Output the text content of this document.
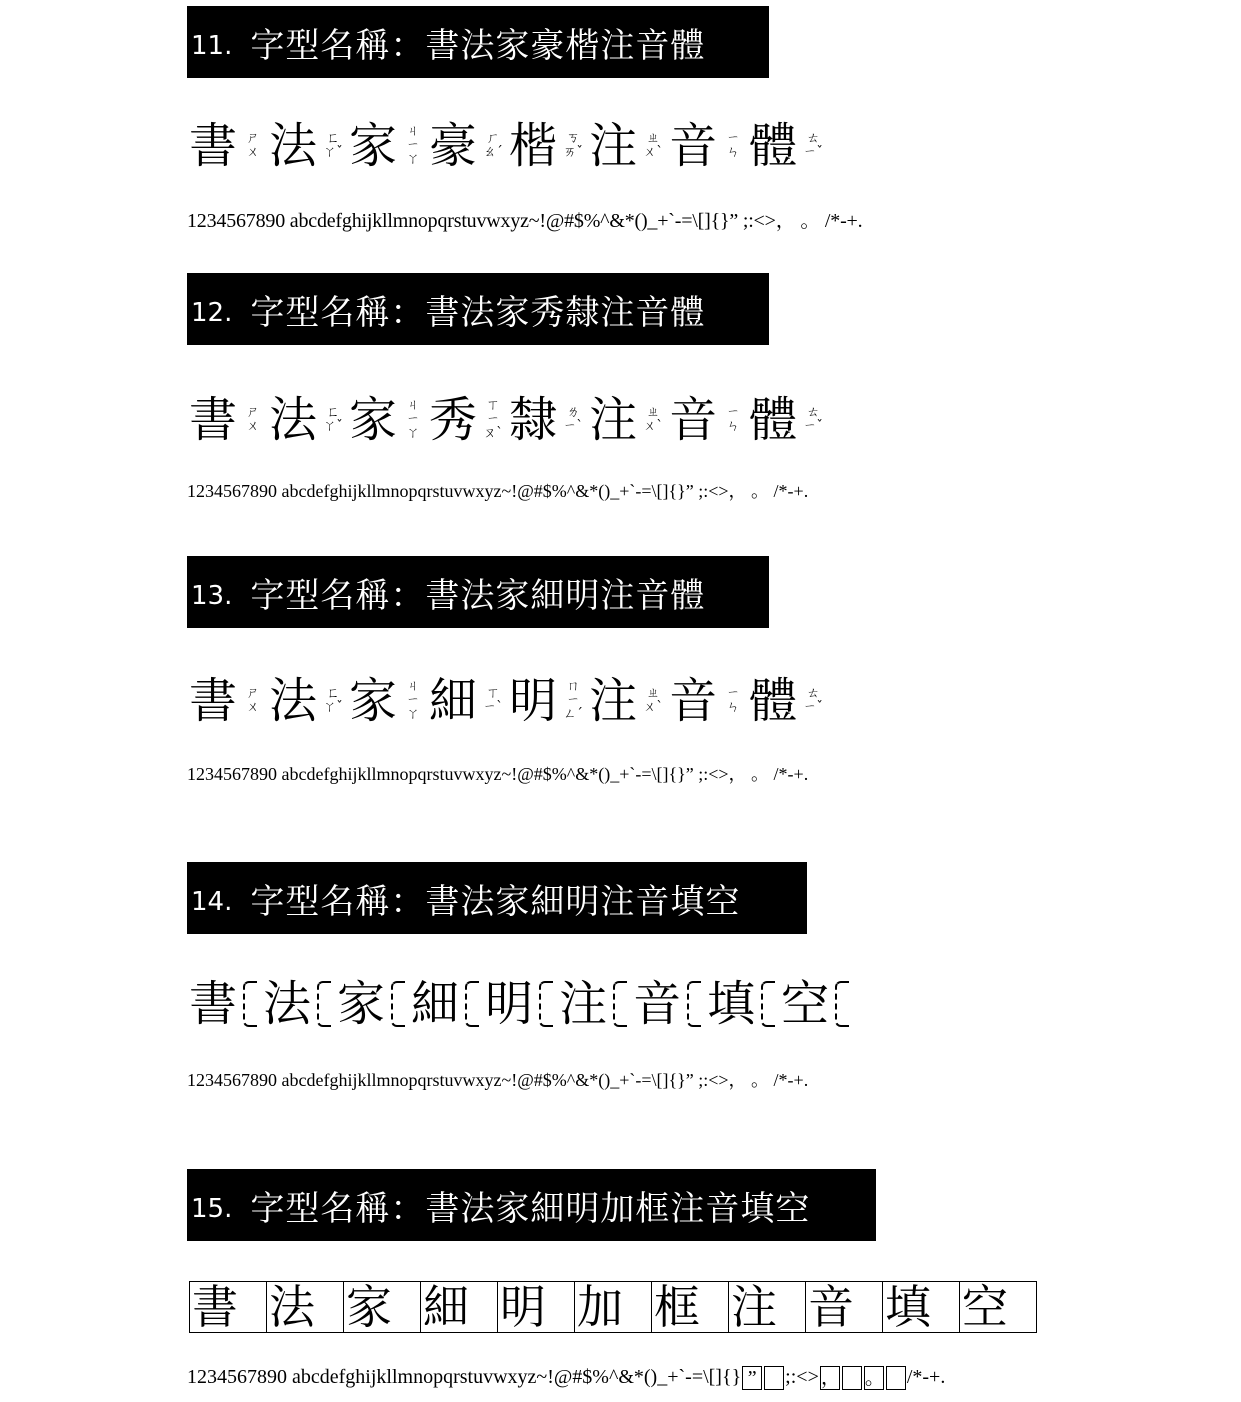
11. 字型名稱：書法家豪楷注音體
書 ㄕ
ㄨ 法 ㄈ
ㄚˇ 家 ㄐ
ㄧ
ㄚ 豪 ㄏ
ㄠˊ 楷 ㄎ
ㄞˇ 注 ㄓ
ㄨˋ 音 ㄧ
ㄣ 體 ㄊ
ㄧˇ
1234567890 abcdefghijkllmnopqrstuvwxyz~!@#$%^&*()_+`-=\[]{}” ;:<>， 。 /*-+.
12. 字型名稱：書法家秀隸注音體
書 ㄕ
ㄨ 法 ㄈ
ㄚˇ 家 ㄐ
ㄧ
ㄚ 秀 ㄒ
ㄧ
ㄡˋ 隸 ㄌ
ㄧˋ 注 ㄓ
ㄨˋ 音 ㄧ
ㄣ 體 ㄊ
ㄧˇ
1234567890 abcdefghijkllmnopqrstuvwxyz~!@#$%^&*()_+`-=\[]{}” ;:<>， 。 /*-+.
13. 字型名稱：書法家細明注音體
書 ㄕ
ㄨ 法 ㄈ
ㄚˇ 家 ㄐ
ㄧ
ㄚ 細 ㄒ
ㄧˋ 明 ㄇ
ㄧ
ㄥˊ 注 ㄓ
ㄨˋ 音 ㄧ
ㄣ 體 ㄊ
ㄧˇ
1234567890 abcdefghijkllmnopqrstuvwxyz~!@#$%^&*()_+`-=\[]{}” ;:<>， 。 /*-+.
14. 字型名稱：書法家細明注音填空
書 法 家 細 明 注 音 填 空
1234567890 abcdefghijkllmnopqrstuvwxyz~!@#$%^&*()_+`-=\[]{}” ;:<>， 。 /*-+.
15. 字型名稱：書法家細明加框注音填空
書 法 家 細 明 加 框 注 音 填 空
1234567890 abcdefghijkllmnopqrstuvwxyz~!@#$%^&*()_+`-=\[]{} ” ;:<> ， 。 /*-+.
